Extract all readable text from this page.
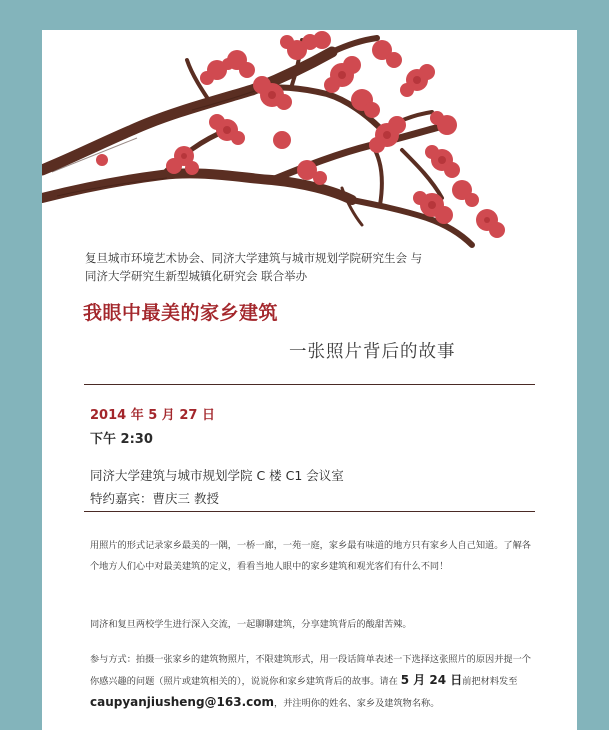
复旦城市环境艺术协会、同济大学建筑与城市规划学院研究生会 与
同济大学研究生新型城镇化研究会 联合举办
我眼中最美的家乡建筑
一张照片背后的故事
2014 年 5 月 27 日
下午 2:30
同济大学建筑与城市规划学院 C 楼 C1 会议室
特约嘉宾：曹庆三 教授
用照片的形式记录家乡最美的一隅，一桥一廊，一苑一庭，家乡最有味道的地方只有家乡人自己知道。了解各个地方人们心中对最美建筑的定义，看看当地人眼中的家乡建筑和观光客们有什么不同！
同济和复旦两校学生进行深入交流，一起聊聊建筑，分享建筑背后的酸甜苦辣。
参与方式：拍摄一张家乡的建筑物照片，不限建筑形式，用一段话简单表述一下选择这张照片的原因并提一个你感兴趣的问题（照片或建筑相关的），说说你和家乡建筑背后的故事。请在 5 月 24 日前把材料发至
caupyanjiusheng@163.com，并注明你的姓名、家乡及建筑物名称。
